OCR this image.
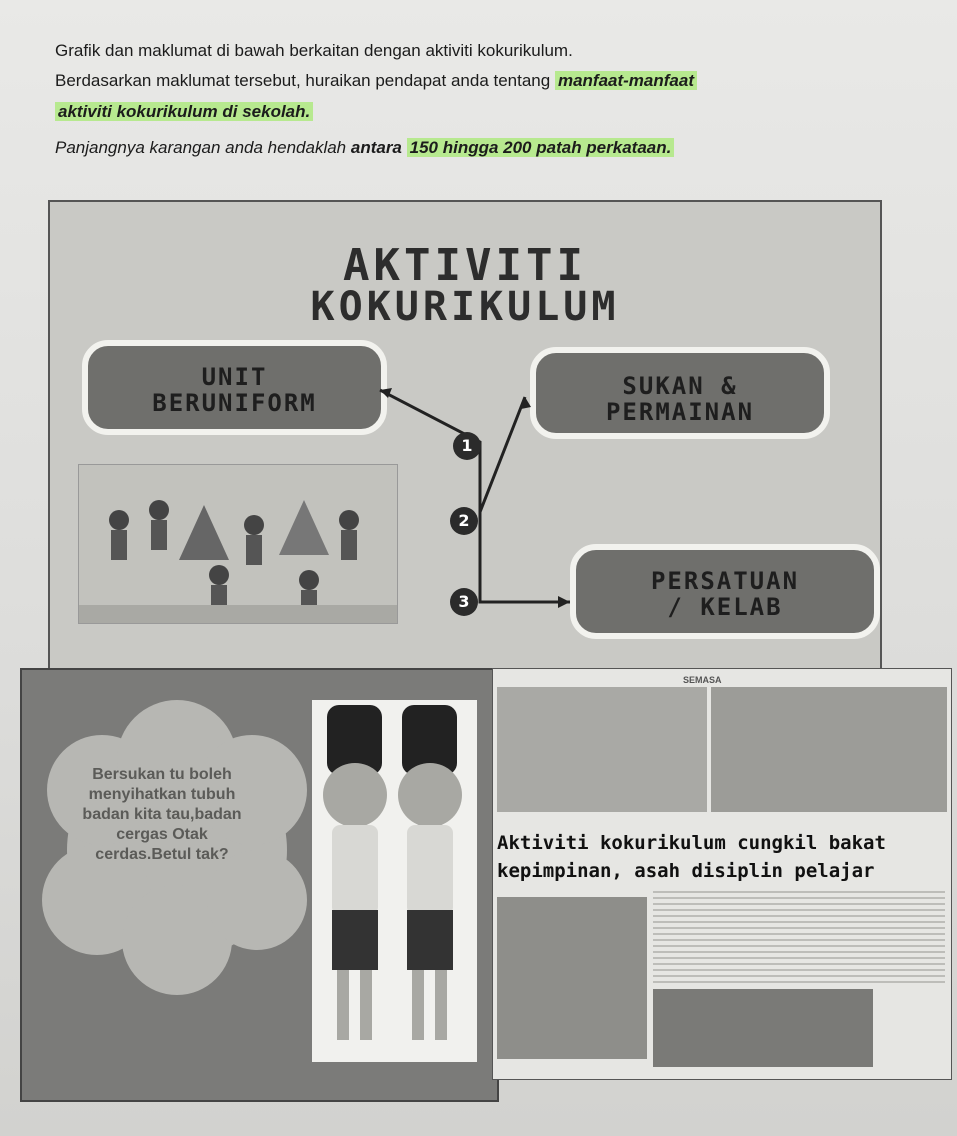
Grafik dan maklumat di bawah berkaitan dengan aktiviti kokurikulum.
Berdasarkan maklumat tersebut, huraikan pendapat anda tentang manfaat-manfaat
aktiviti kokurikulum di sekolah.
Panjangnya karangan anda hendaklah antara 150 hingga 200 patah perkataan.
AKTIVITI
KOKURIKULUM
UNIT
BERUNIFORM
SUKAN &
PERMAINAN
PERSATUAN
/ KELAB
1
2
3
Bersukan tu boleh menyihatkan tubuh badan kita tau,badan cergas Otak cerdas.Betul tak?
SEMASA
Aktiviti kokurikulum cungkil bakat
kepimpinan, asah disiplin pelajar
